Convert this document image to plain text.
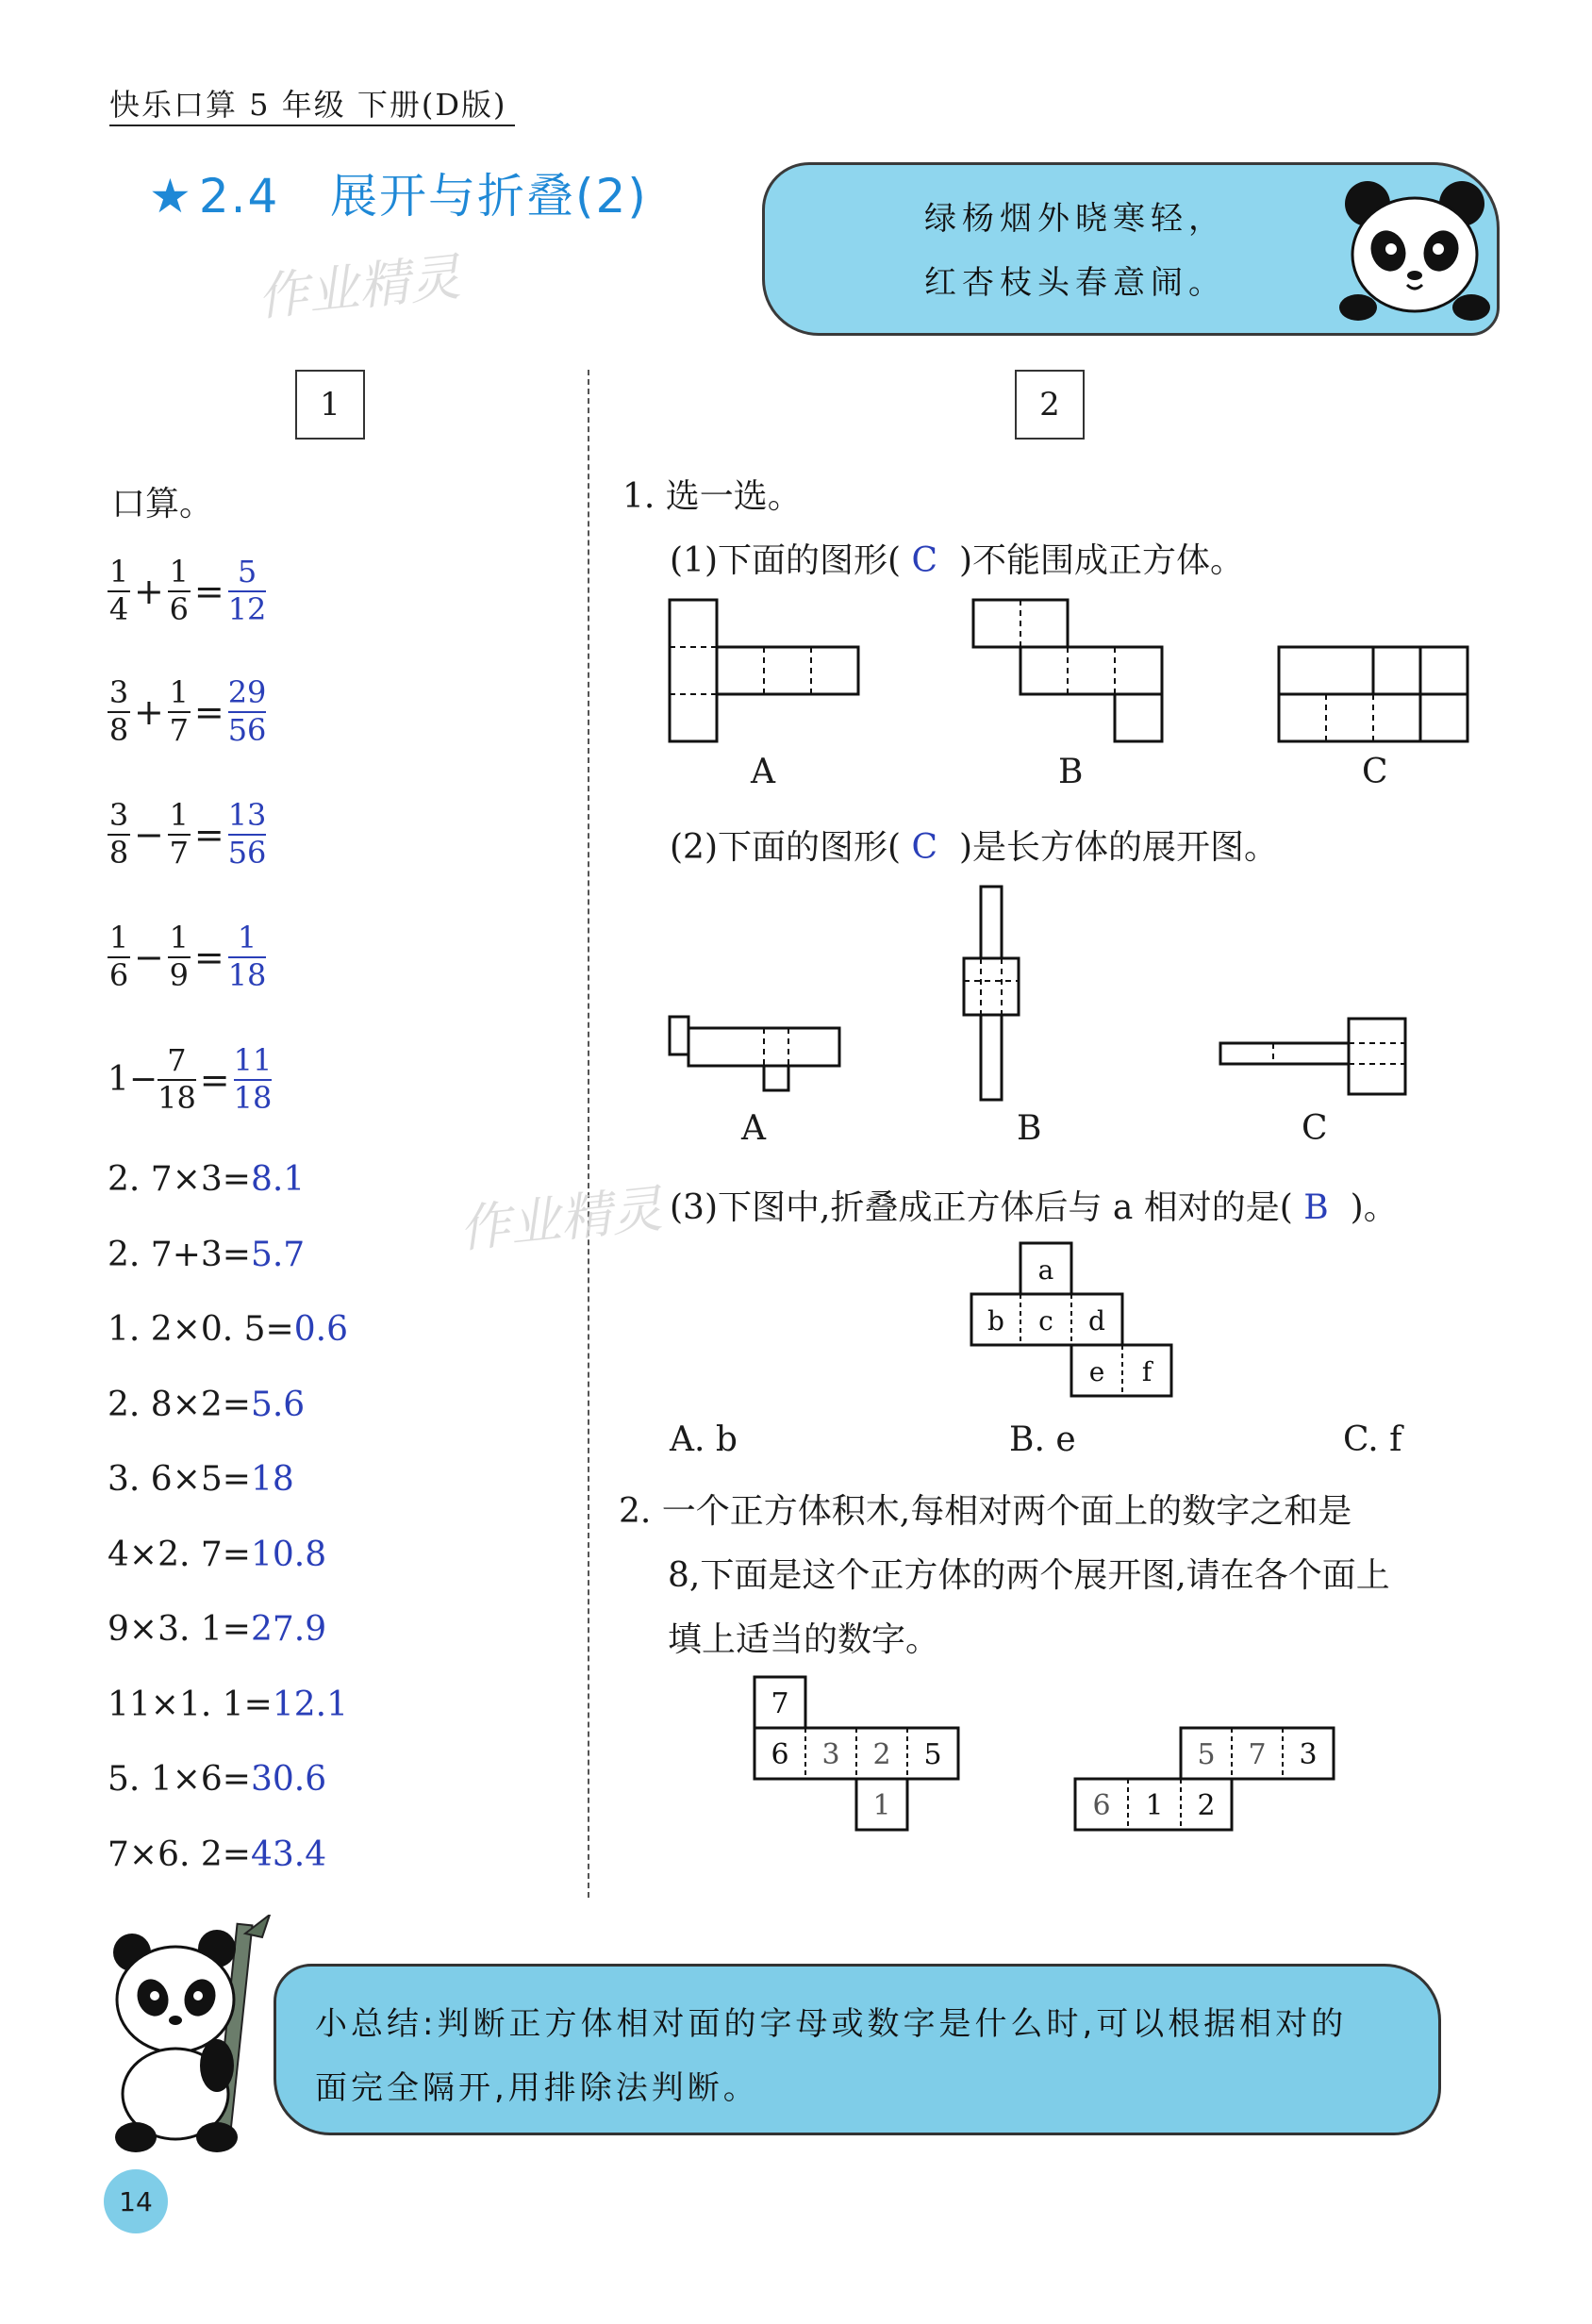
快乐口算 5 年级 下册(D版)
★ 2.4 展开与折叠(2)
作业精灵
绿杨烟外晓寒轻，
红杏枝头春意闹。
1
口算。
$\frac{1}{4} + \frac{1}{6} = \frac{5}{12}$
$\frac{3}{8} + \frac{1}{7} = \frac{29}{56}$
$\frac{3}{8} - \frac{1}{7} = \frac{13}{56}$
$\frac{1}{6} - \frac{1}{9} = \frac{1}{18}$
$1- \frac{7}{18} = \frac{11}{18}$
2. 7×3=8.1
2. 7+3=5.7
1. 2×0. 5=0.6
2. 8×2=5.6
3. 6×5=18
4×2. 7=10.8
9×3. 1=27.9
11×1. 1=12.1
5. 1×6=30.6
7×6. 2=43.4
2
1. 选一选。
(1)下面的图形( C )不能围成正方体。
A	B	C
(2)下面的图形( C )是长方体的展开图。
A	B	C
(3)下图中,折叠成正方体后与 a 相对的是( B )。
作业精灵
a
b c d
e f
A. b	B. e	C. f
2. 一个正方体积木,每相对两个面上的数字之和是
8,下面是这个正方体的两个展开图,请在各个面上
填上适当的数字。
7
6 3 2 5
1
5 7 3
6 1 2
小总结:判断正方体相对面的字母或数字是什么时,可以根据相对的
面完全隔开,用排除法判断。
14
